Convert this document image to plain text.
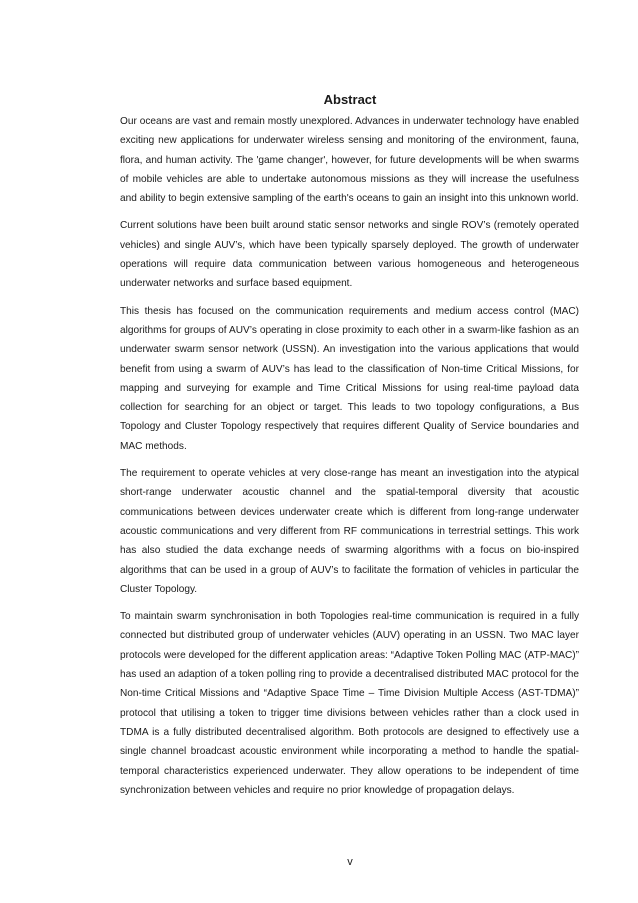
Abstract

Our oceans are vast and remain mostly unexplored. Advances in underwater technology have enabled exciting new applications for underwater wireless sensing and monitoring of the environment, fauna, flora, and human activity. The 'game changer', however, for future developments will be when swarms of mobile vehicles are able to undertake autonomous missions as they will increase the usefulness and ability to begin extensive sampling of the earth's oceans to gain an insight into this unknown world.

Current solutions have been built around static sensor networks and single ROV’s (remotely operated vehicles) and single AUV’s, which have been typically sparsely deployed. The growth of underwater operations will require data communication between various homogeneous and heterogeneous underwater networks and surface based equipment.

This thesis has focused on the communication requirements and medium access control (MAC) algorithms for groups of AUV’s operating in close proximity to each other in a swarm-like fashion as an underwater swarm sensor network (USSN). An investigation into the various applications that would benefit from using a swarm of AUV’s has lead to the classification of Non-time Critical Missions, for mapping and surveying for example and Time Critical Missions for using real-time payload data collection for searching for an object or target. This leads to two topology configurations, a Bus Topology and Cluster Topology respectively that requires different Quality of Service boundaries and MAC methods.

The requirement to operate vehicles at very close-range has meant an investigation into the atypical short-range underwater acoustic channel and the spatial-temporal diversity that acoustic communications between devices underwater create which is different from long-range underwater acoustic communications and very different from RF communications in terrestrial settings. This work has also studied the data exchange needs of swarming algorithms with a focus on bio-inspired algorithms that can be used in a group of AUV’s to facilitate the formation of vehicles in particular the Cluster Topology.

To maintain swarm synchronisation in both Topologies real-time communication is required in a fully connected but distributed group of underwater vehicles (AUV) operating in an USSN. Two MAC layer protocols were developed for the different application areas: “Adaptive Token Polling MAC (ATP-MAC)” has used an adaption of a token polling ring to provide a decentralised distributed MAC protocol for the Non-time Critical Missions and “Adaptive Space Time – Time Division Multiple Access (AST-TDMA)” protocol that utilising a token to trigger time divisions between vehicles rather than a clock used in TDMA is a fully distributed decentralised algorithm. Both protocols are designed to effectively use a single channel broadcast acoustic environment while incorporating a method to handle the spatial-temporal characteristics experienced underwater. They allow operations to be independent of time synchronization between vehicles and require no prior knowledge of propagation delays.

v
